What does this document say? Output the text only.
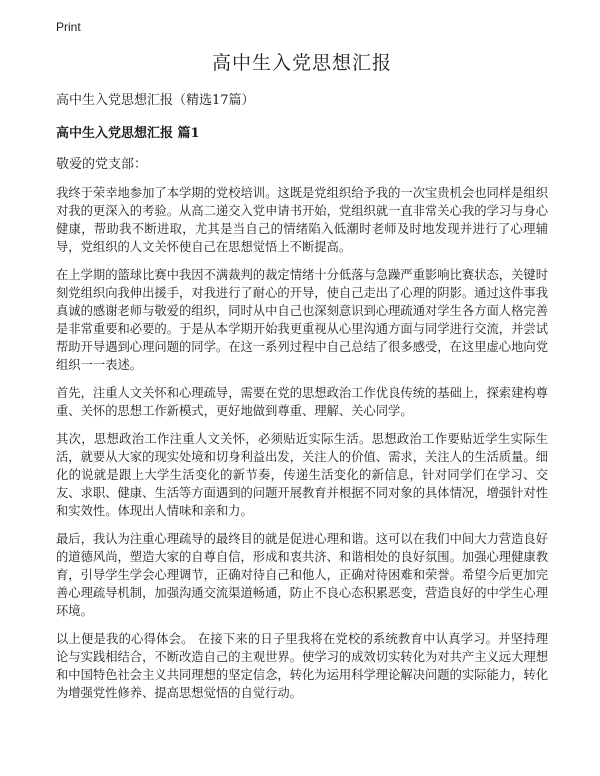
Print
高中生入党思想汇报

高中生入党思想汇报（精选17篇）

高中生入党思想汇报 篇1

敬爱的党支部：

我终于荣幸地参加了本学期的党校培训。这既是党组织给予我的一次宝贵机会也同样是组织对我的更深入的考验。从高二递交入党申请书开始，党组织就一直非常关心我的学习与身心健康，帮助我不断进取，尤其是当自己的情绪陷入低潮时老师及时地发现并进行了心理辅导，党组织的人文关怀使自己在思想觉悟上不断提高。

在上学期的篮球比赛中我因不满裁判的裁定情绪十分低落与急躁严重影响比赛状态，关键时刻党组织向我伸出援手，对我进行了耐心的开导，使自己走出了心理的阴影。通过这件事我真诚的感谢老师与敬爱的组织，同时从中自己也深刻意识到心理疏通对学生各方面人格完善是非常重要和必要的。于是从本学期开始我更重视从心里沟通方面与同学进行交流，并尝试帮助开导遇到心理问题的同学。在这一系列过程中自己总结了很多感受，在这里虚心地向党组织一一表述。

首先，注重人文关怀和心理疏导，需要在党的思想政治工作优良传统的基础上，探索建构尊重、关怀的思想工作新模式，更好地做到尊重、理解、关心同学。

其次，思想政治工作注重人文关怀，必须贴近实际生活。思想政治工作要贴近学生实际生活，就要从大家的现实处境和切身利益出发，关注人的价值、需求，关注人的生活质量。细化的说就是跟上大学生活变化的新节奏，传递生活变化的新信息，针对同学们在学习、交友、求职、健康、生活等方面遇到的问题开展教育并根据不同对象的具体情况，增强针对性和实效性。体现出人情味和亲和力。

最后，我认为注重心理疏导的最终目的就是促进心理和谐。这可以在我们中间大力营造良好的道德风尚，塑造大家的自尊自信，形成和衷共济、和谐相处的良好氛围。加强心理健康教育，引导学生学会心理调节，正确对待自己和他人，正确对待困难和荣誉。希望今后更加完善心理疏导机制，加强沟通交流渠道畅通，防止不良心态积累恶变，营造良好的中学生心理环境。

以上便是我的心得体会。 在接下来的日子里我将在党校的系统教育中认真学习。并坚持理论与实践相结合，不断改造自己的主观世界。使学习的成效切实转化为对共产主义远大理想和中国特色社会主义共同理想的坚定信念，转化为运用科学理论解决问题的实际能力，转化为增强党性修养、提高思想觉悟的自觉行动。
